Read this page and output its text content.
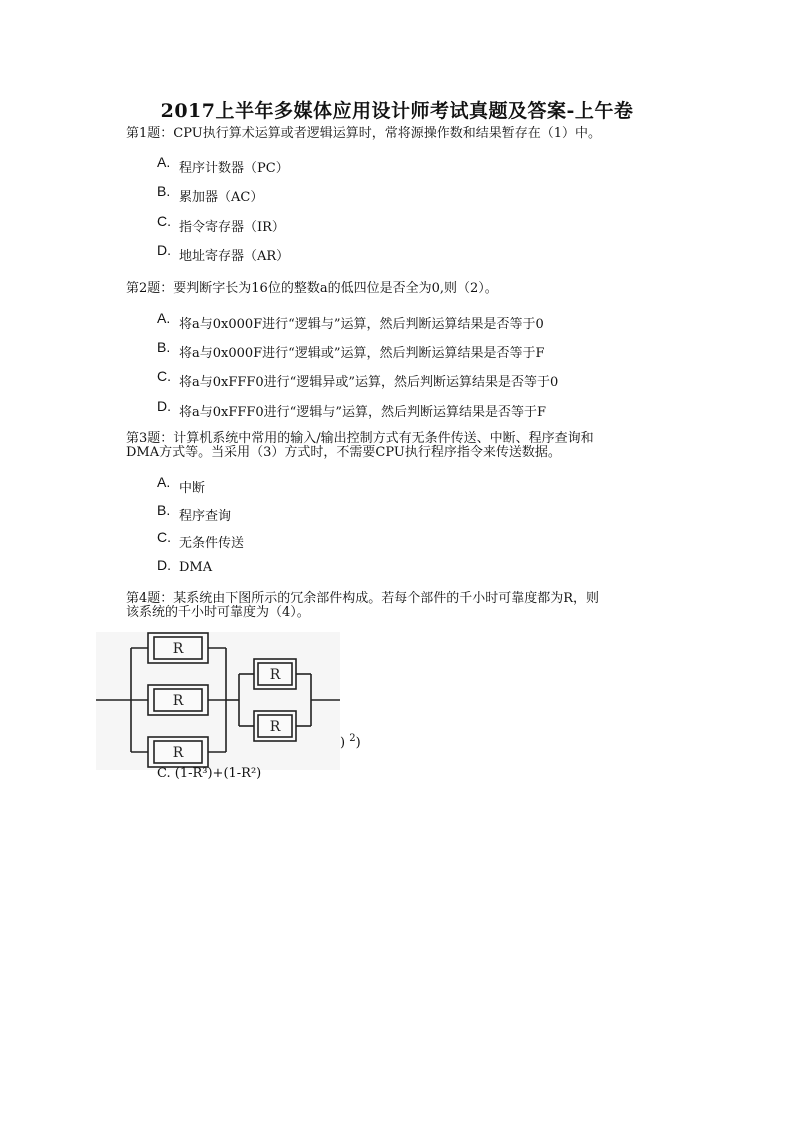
2017上半年多媒体应用设计师考试真题及答案-上午卷
第1题：CPU执行算术运算或者逻辑运算时，常将源操作数和结果暂存在（1）中。
A. 程序计数器（PC）
B. 累加器（AC）
C. 指令寄存器（IR）
D. 地址寄存器（AR）
第2题：要判断字长为16位的整数a的低四位是否全为0,则（2）。
A. 将a与0x000F进行“逻辑与”运算，然后判断运算结果是否等于0
B. 将a与0x000F进行“逻辑或”运算，然后判断运算结果是否等于F
C. 将a与0xFFF0进行“逻辑异或”运算，然后判断运算结果是否等于0
D. 将a与0xFFF0进行“逻辑与”运算，然后判断运算结果是否等于F
第3题：计算机系统中常用的输入/输出控制方式有无条件传送、中断、程序查询和DMA方式等。当采用（3）方式时，不需要CPU执行程序指令来传送数据。
A. 中断
B. 程序查询
C. 无条件传送
D. DMA
第4题：某系统由下图所示的冗余部件构成。若每个部件的千小时可靠度都为R，则该系统的千小时可靠度为（4）。
R
R
R
R
R
) $^2$)
C. (1-R³)+(1-R²)
